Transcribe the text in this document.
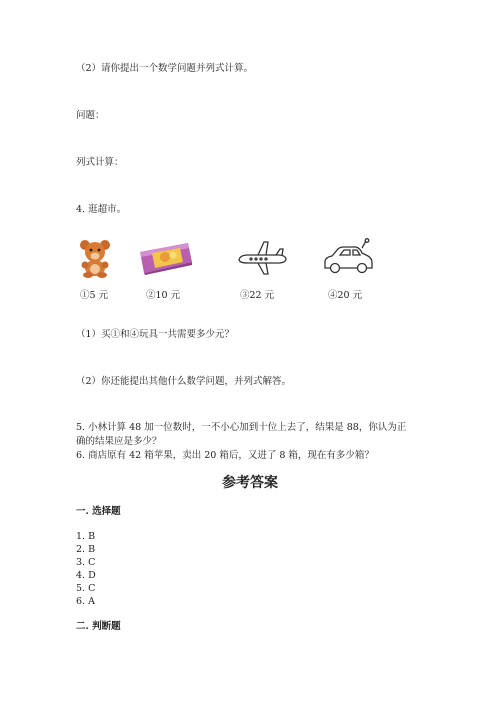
（2）请你提出一个数学问题并列式计算。
问题：
列式计算：
4. 逛超市。
①5 元	②10 元	③22 元	④20 元
（1）买①和④玩具一共需要多少元？
（2）你还能提出其他什么数学问题，并列式解答。
5. 小林计算 48 加一位数时，一不小心加到十位上去了，结果是 88，你认为正
确的结果应是多少？
6. 商店原有 42 箱苹果，卖出 20 箱后，又进了 8 箱，现在有多少箱？
参考答案
一. 选择题
1. B
2. B
3. C
4. D
5. C
6. A
二. 判断题
